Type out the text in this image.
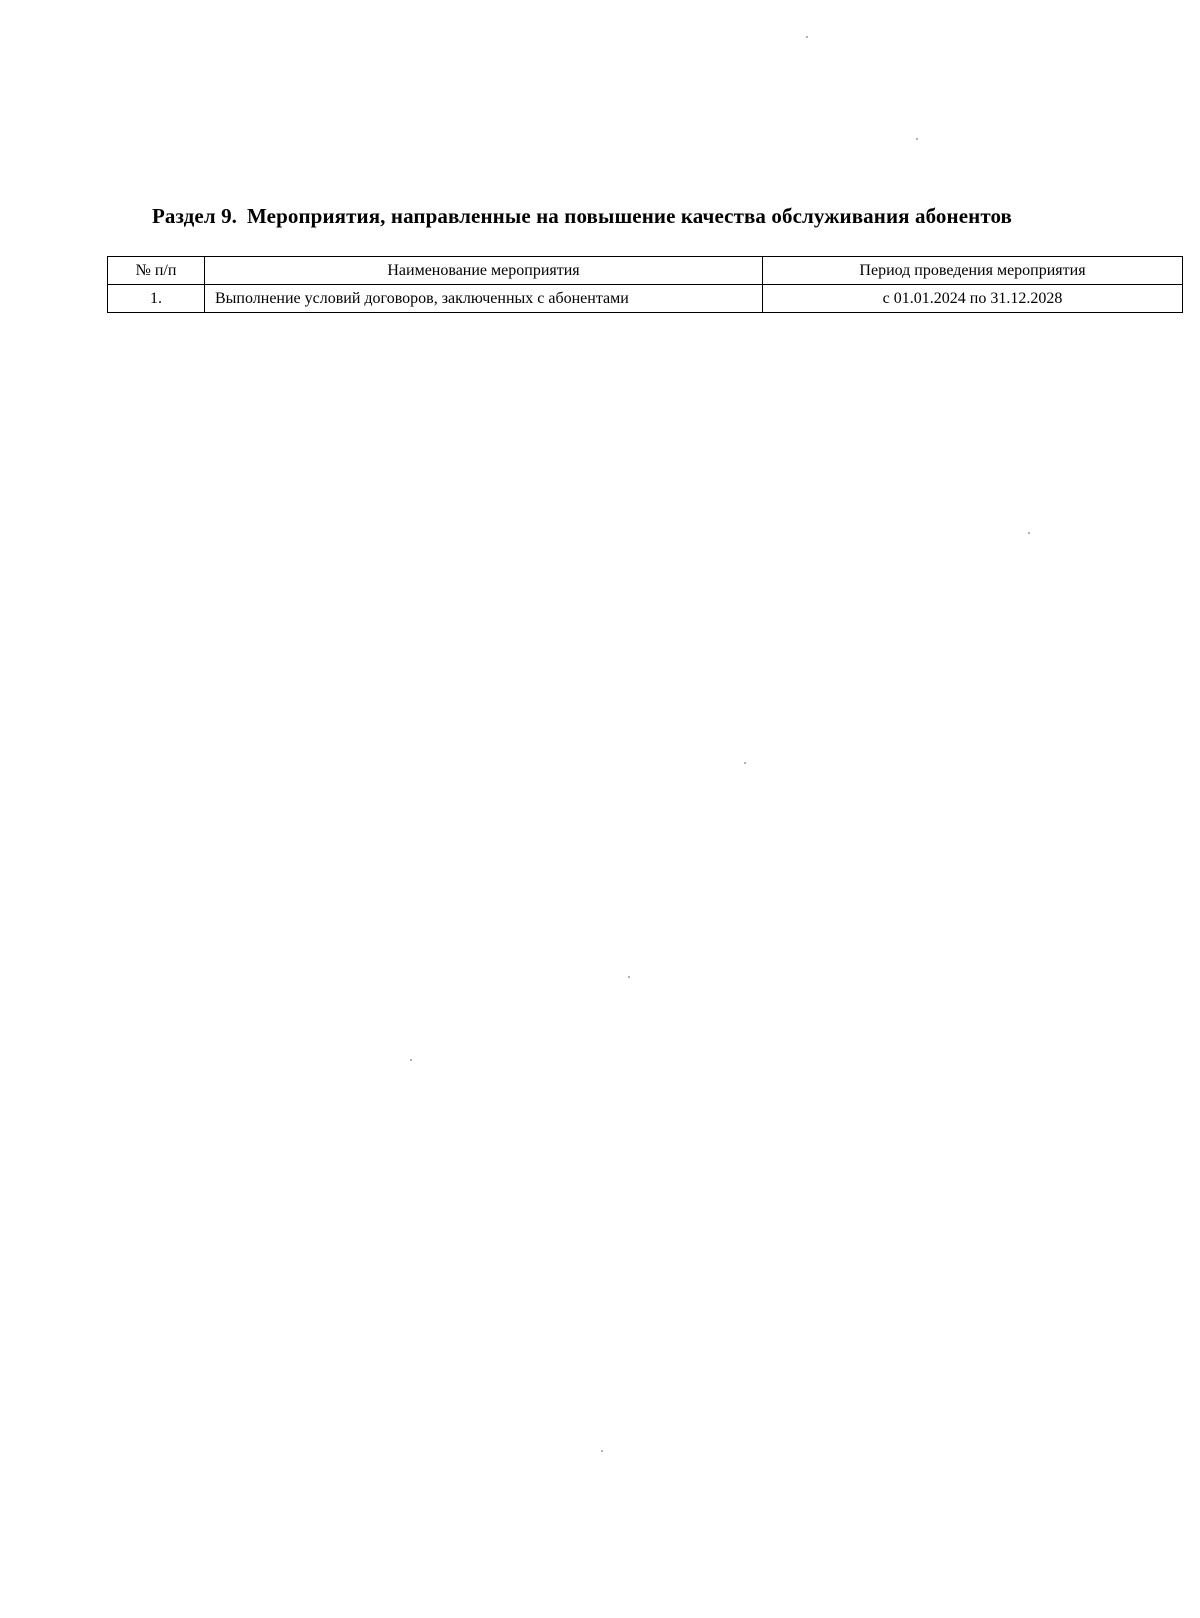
Раздел 9. Мероприятия, направленные на повышение качества обслуживания абонентов
№ п/п	Наименование мероприятия	Период проведения мероприятия
1.	Выполнение условий договоров, заключенных с абонентами	с 01.01.2024 по 31.12.2028
